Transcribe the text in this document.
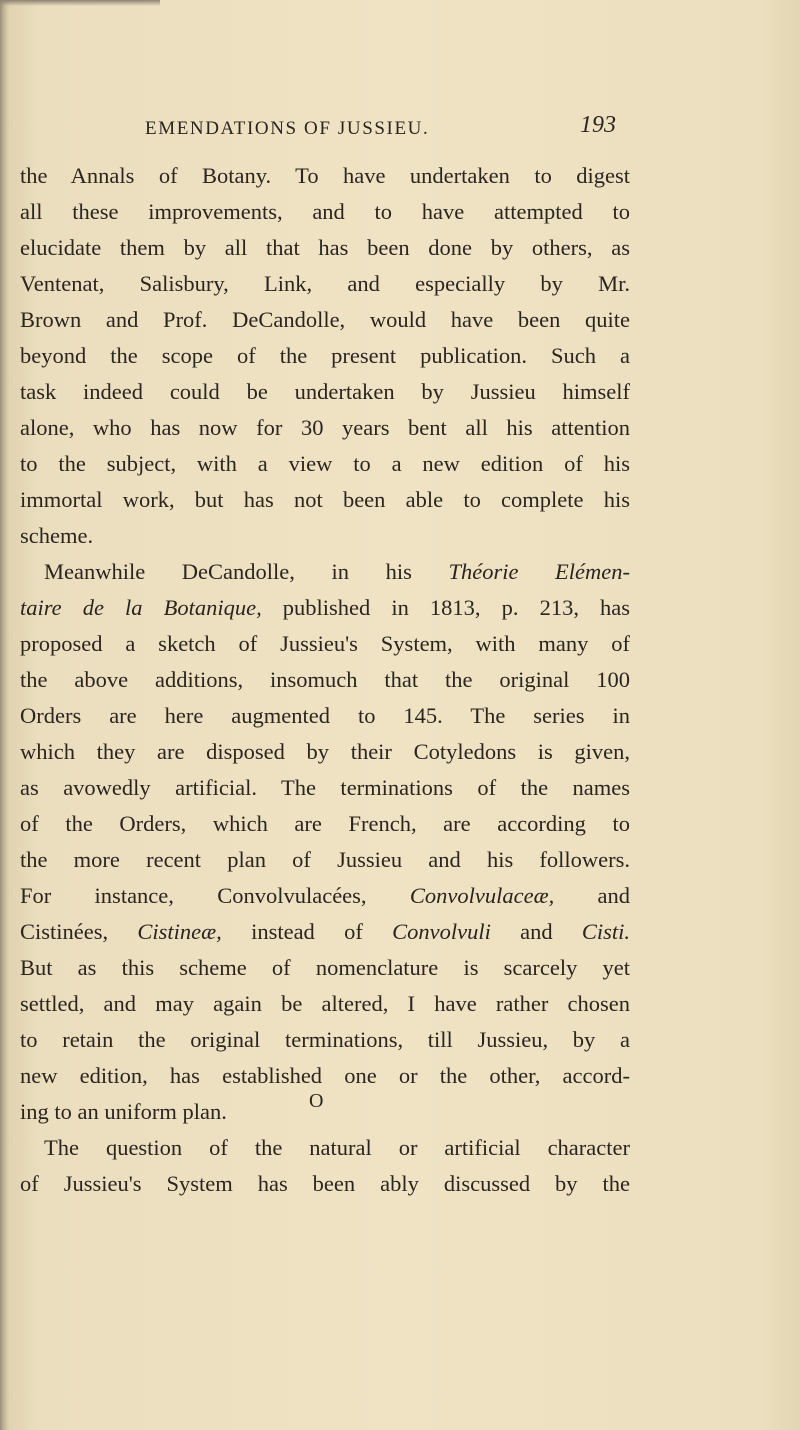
EMENDATIONS OF JUSSIEU.	193
the Annals of Botany. To have undertaken to digest
all these improvements, and to have attempted to
elucidate them by all that has been done by others, as
Ventenat, Salisbury, Link, and especially by Mr.
Brown and Prof. DeCandolle, would have been quite
beyond the scope of the present publication. Such a
task indeed could be undertaken by Jussieu himself
alone, who has now for 30 years bent all his attention
to the subject, with a view to a new edition of his
immortal work, but has not been able to complete his
scheme.
Meanwhile DeCandolle, in his Théorie Elémen-
taire de la Botanique, published in 1813, p. 213, has
proposed a sketch of Jussieu's System, with many of
the above additions, insomuch that the original 100
Orders are here augmented to 145. The series in
which they are disposed by their Cotyledons is given,
as avowedly artificial. The terminations of the names
of the Orders, which are French, are according to
the more recent plan of Jussieu and his followers.
For instance, Convolvulacées, Convolvulaceæ, and
Cistinées, Cistineæ, instead of Convolvuli and Cisti.
But as this scheme of nomenclature is scarcely yet
settled, and may again be altered, I have rather chosen
to retain the original terminations, till Jussieu, by a
new edition, has established one or the other, accord-
ing to an uniform plan.
The question of the natural or artificial character
of Jussieu's System has been ably discussed by the
O
